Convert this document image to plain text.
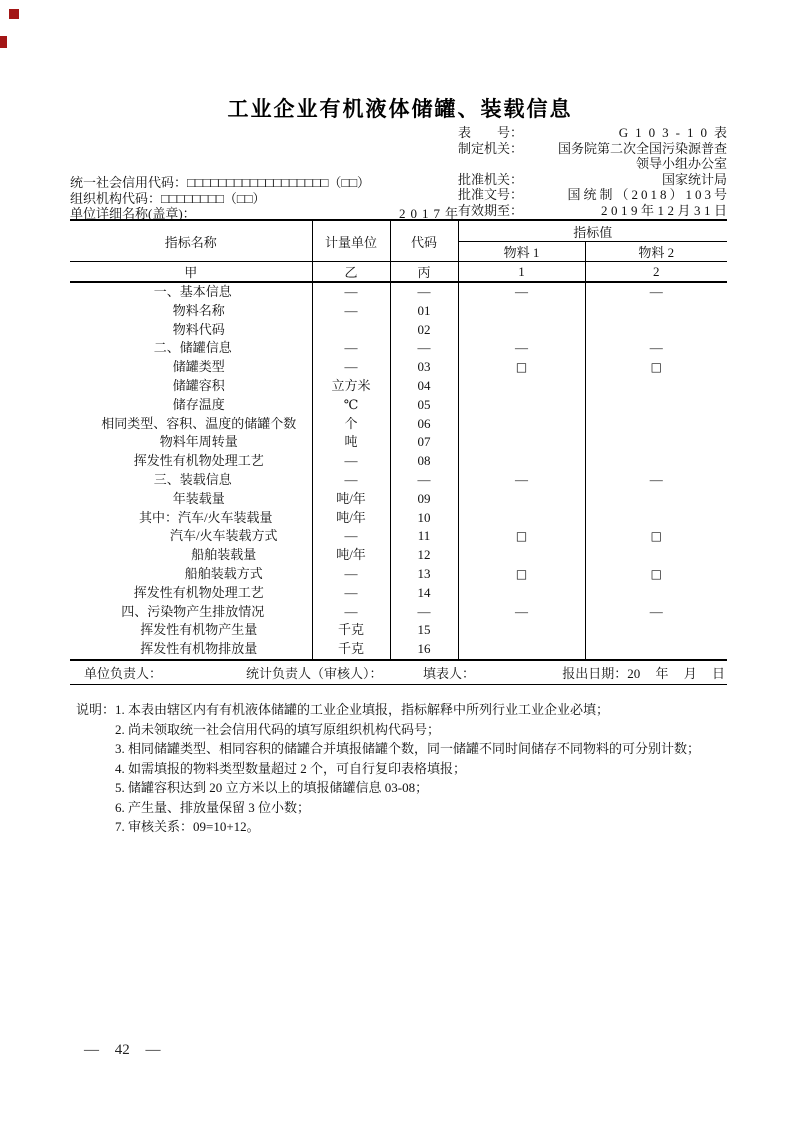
工业企业有机液体储罐、装载信息
表        号：	G103-10表
制定机关：	国务院第二次全国污染源普查
领导小组办公室
批准机关：	国家统计局
批准文号：	国统制（2018）103号
有效期至：	2019年12月31日
统一社会信用代码：□□□□□□□□□□□□□□□□□□（□□）
组织机构代码：□□□□□□□□（□□）
单位详细名称(盖章)：	2017年
指标名称	计量单位	代码	指标值	
			物料 1	物料 2
甲	乙	丙	1	2
一、基本信息	—	—	—	—
物料名称	—	01		
物料代码		02		
二、储罐信息	—	—	—	—
储罐类型	—	03	□	□
储罐容积	立方米	04		
储存温度	℃	05		
相同类型、容积、温度的储罐个数	个	06		
物料年周转量	吨	07		
挥发性有机物处理工艺	—	08		
三、装载信息	—	—	—	—
年装载量	吨/年	09		
其中：汽车/火车装载量	吨/年	10		
汽车/火车装载方式	—	11	□	□
船舶装载量	吨/年	12		
船舶装载方式	—	13	□	□
挥发性有机物处理工艺	—	14		
四、污染物产生排放情况	—	—	—	—
挥发性有机物产生量	千克	15		
挥发性有机物排放量	千克	16		
单位负责人：	统计负责人（审核人）：	填表人：	报出日期：20 年 月 日
说明： 1. 本表由辖区内有有机液体储罐的工业企业填报，指标解释中所列行业工业企业必填；
2. 尚未领取统一社会信用代码的填写原组织机构代码号；
3. 相同储罐类型、相同容积的储罐合并填报储罐个数，同一储罐不同时间储存不同物料的可分别计数；
4. 如需填报的物料类型数量超过 2 个，可自行复印表格填报；
5. 储罐容积达到 20 立方米以上的填报储罐信息 03-08；
6. 产生量、排放量保留 3 位小数；
7. 审核关系：09=10+12。
— 42 —
